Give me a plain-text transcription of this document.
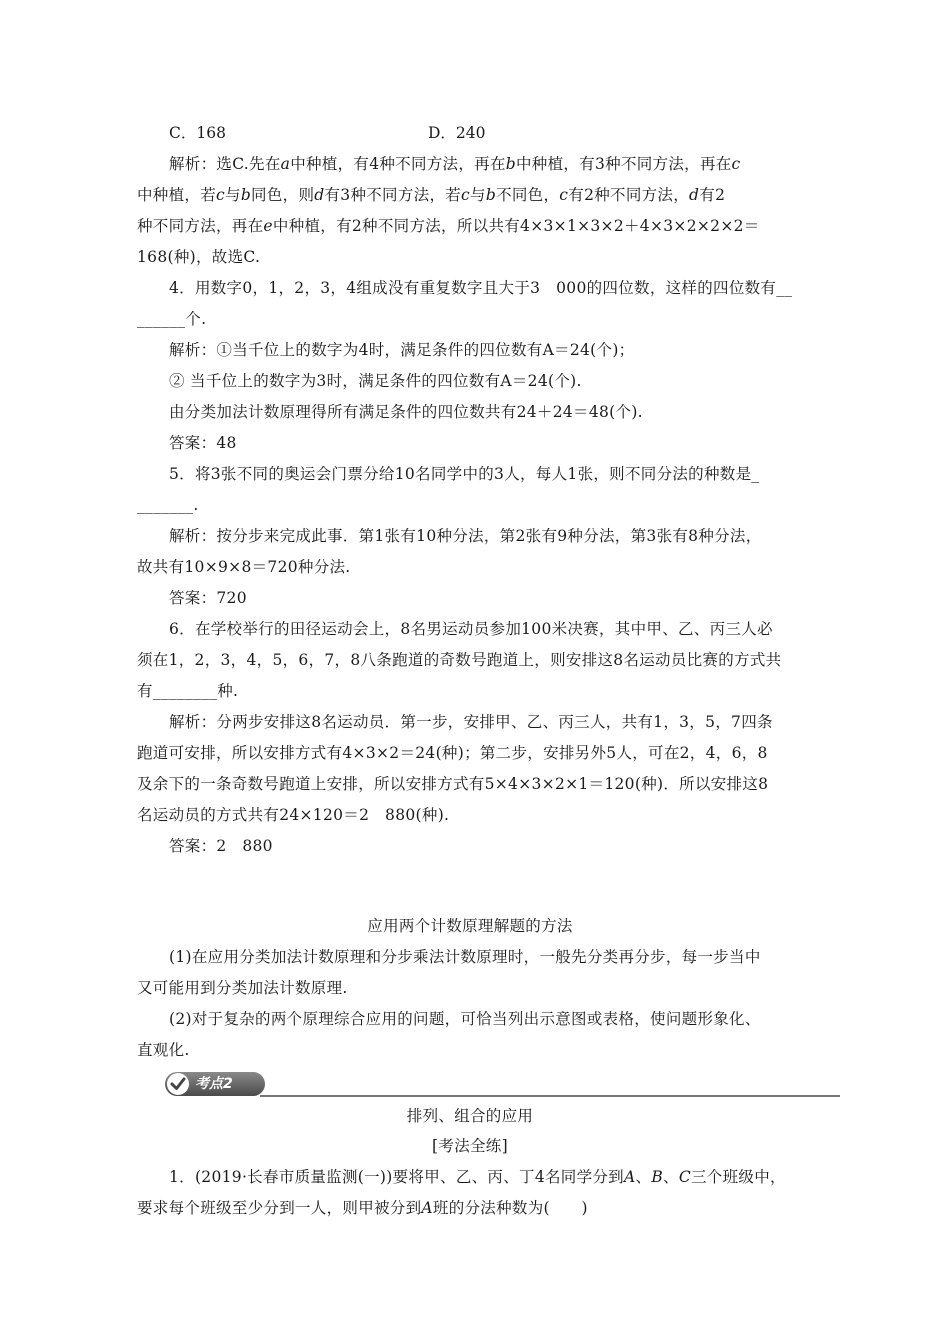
C．168	D．240
解析：选C.先在a中种植，有4种不同方法，再在b中种植，有3种不同方法，再在c
中种植，若c与b同色，则d有3种不同方法，若c与b不同色，c有2种不同方法，d有2
种不同方法，再在e中种植，有2种不同方法，所以共有4×3×1×3×2＋4×3×2×2×2＝
168(种)，故选C.
4．用数字0，1，2，3，4组成没有重复数字且大于3　000的四位数，这样的四位数有__
______个.
解析：①当千位上的数字为4时，满足条件的四位数有A＝24(个)；
② 当千位上的数字为3时，满足条件的四位数有A＝24(个).
由分类加法计数原理得所有满足条件的四位数共有24＋24＝48(个).
答案：48
5．将3张不同的奥运会门票分给10名同学中的3人，每人1张，则不同分法的种数是_
_______.
解析：按分步来完成此事．第1张有10种分法，第2张有9种分法，第3张有8种分法，
故共有10×9×8＝720种分法.
答案：720
6．在学校举行的田径运动会上，8名男运动员参加100米决赛，其中甲、乙、丙三人必
须在1，2，3，4，5，6，7，8八条跑道的奇数号跑道上，则安排这8名运动员比赛的方式共
有________种.
解析：分两步安排这8名运动员．第一步，安排甲、乙、丙三人，共有1，3，5，7四条
跑道可安排，所以安排方式有4×3×2＝24(种)；第二步，安排另外5人，可在2，4，6，8
及余下的一条奇数号跑道上安排，所以安排方式有5×4×3×2×1＝120(种)．所以安排这8
名运动员的方式共有24×120＝2　880(种).
答案：2　880
应用两个计数原理解题的方法
(1)在应用分类加法计数原理和分步乘法计数原理时，一般先分类再分步，每一步当中
又可能用到分类加法计数原理.
(2)对于复杂的两个原理综合应用的问题，可恰当列出示意图或表格，使问题形象化、
直观化.
考点2
排列、组合的应用
[考法全练]
1．(2019·长春市质量监测(一))要将甲、乙、丙、丁4名同学分到A、B、C三个班级中，
要求每个班级至少分到一人，则甲被分到A班的分法种数为(　　)
